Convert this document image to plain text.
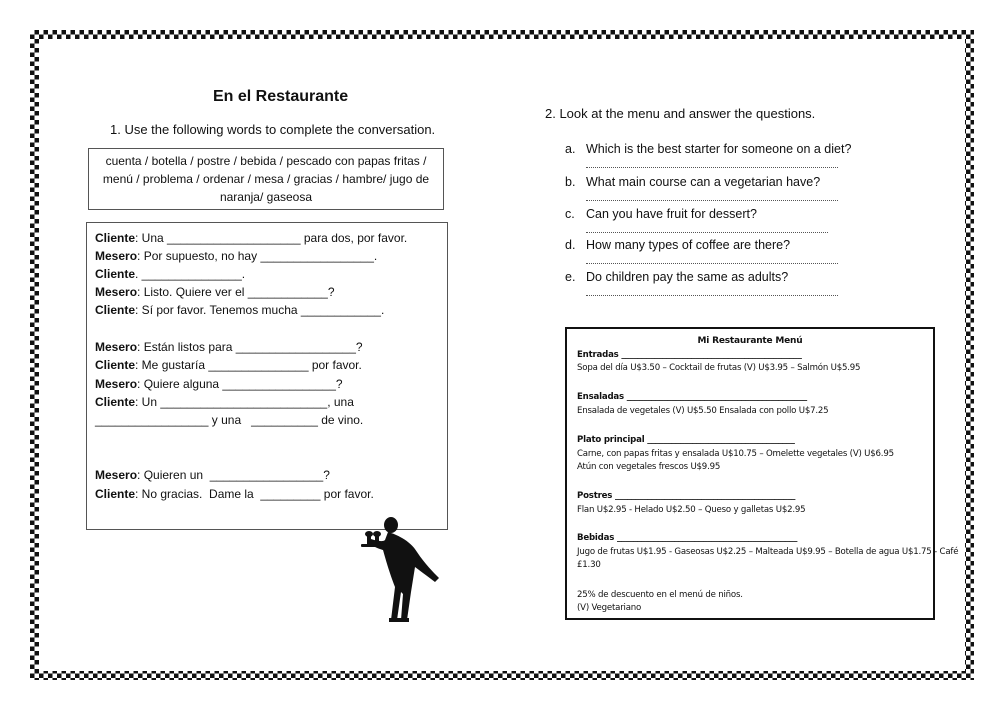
En el Restaurante
1. Use the following words to complete the conversation.
cuenta / botella / postre / bebida / pescado con papas fritas / menú / problema / ordenar / mesa / gracias / hambre/ jugo de naranja/ gaseosa
Cliente: Una ____________________ para dos, por favor.
Mesero: Por supuesto, no hay _________________.
Cliente. _______________.
Mesero: Listo. Quiere ver el ____________?
Cliente: Sí por favor. Tenemos mucha ____________.
Mesero: Están listos para __________________?
Cliente: Me gustaría _______________ por favor.
Mesero: Quiere alguna _________________?
Cliente: Un _________________________, una
_________________ y una   __________ de vino.
Mesero: Quieren un  _________________?
Cliente: No gracias.  Dame la  _________ por favor.
2. Look at the menu and answer the questions.
a. Which is the best starter for someone on a diet?
b. What main course can a vegetarian have?
c. Can you have fruit for dessert?
d. How many types of coffee are there?
e. Do children pay the same as adults?
Mi Restaurante Menú
Entradas ____________________________________________
Sopa del día U$3.50 – Cocktail de frutas (V) U$3.95 – Salmón U$5.95
Ensaladas ____________________________________________
Ensalada de vegetales (V) U$5.50 Ensalada con pollo U$7.25
Plato principal ____________________________________
Carne, con papas fritas y ensalada U$10.75 – Omelette vegetales (V) U$6.95
Atún con vegetales frescos U$9.95
Postres ____________________________________________
Flan U$2.95 - Helado U$2.50 – Queso y galletas U$2.95
Bebidas ____________________________________________
Jugo de frutas U$1.95 - Gaseosas U$2.25 – Malteada U$9.95 – Botella de agua U$1.75 - Café
£1.30
25% de descuento en el menú de niños.
(V) Vegetariano
